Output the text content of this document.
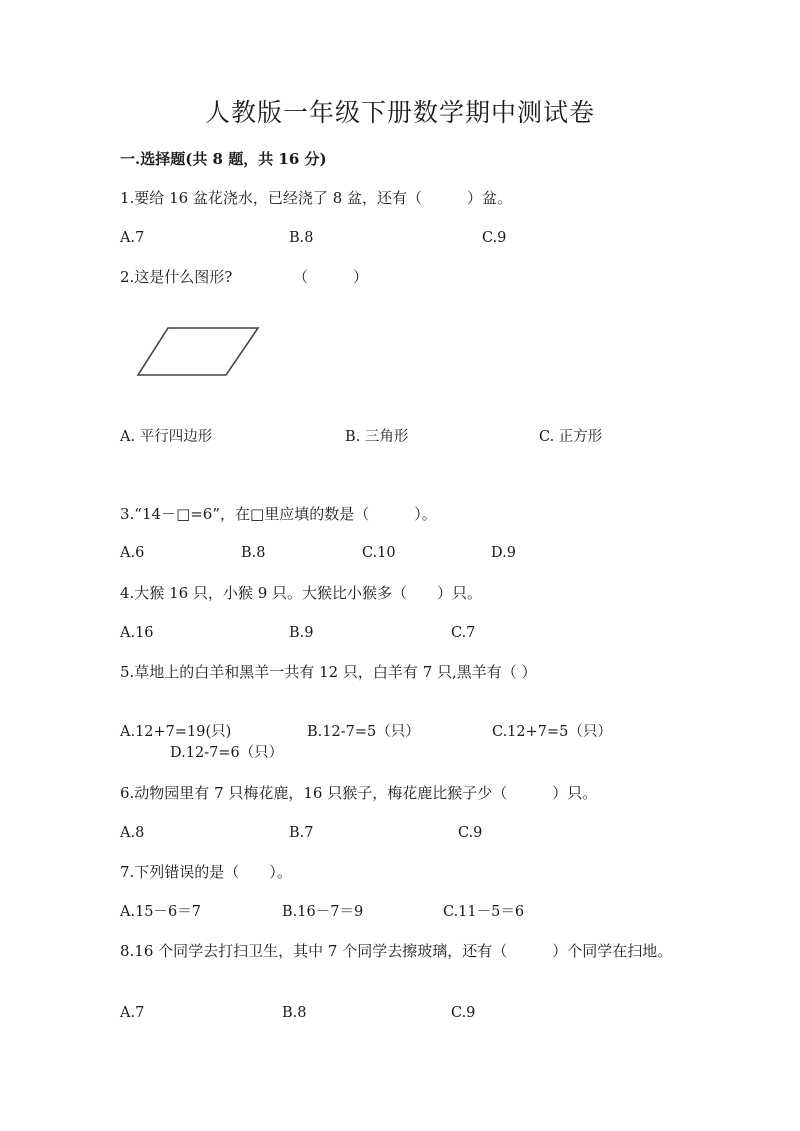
人教版一年级下册数学期中测试卷
一.选择题(共 8 题，共 16 分)
1.要给 16 盆花浇水，已经浇了 8 盆，还有（　　　）盆。
A.7	B.8	C.9
2.这是什么图形?	（　　　）
A. 平行四边形	B. 三角形	C. 正方形
3.“14－□=6”，在□里应填的数是（　　　）。
A.6	B.8	C.10	D.9
4.大猴 16 只，小猴 9 只。大猴比小猴多（　　）只。
A.16	B.9	C.7
5.草地上的白羊和黑羊一共有 12 只，白羊有 7 只,黑羊有（ ）
A.12+7=19(只)	B.12-7=5（只）	C.12+7=5（只）
D.12-7=6（只）
6.动物园里有 7 只梅花鹿，16 只猴子，梅花鹿比猴子少（　　　）只。
A.8	B.7	C.9
7.下列错误的是（　　）。
A.15－6＝7	B.16－7＝9	C.11－5＝6
8.16 个同学去打扫卫生，其中 7 个同学去擦玻璃，还有（　　　）个同学在扫地。
A.7	B.8	C.9
